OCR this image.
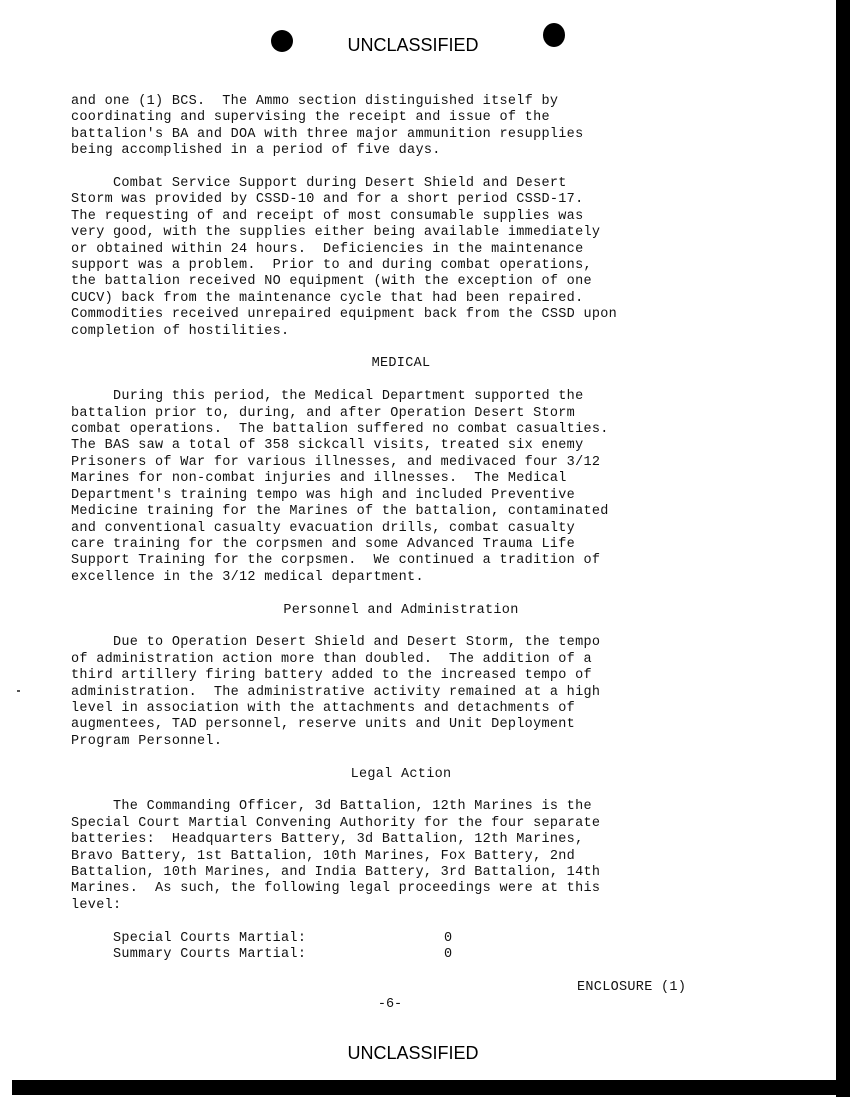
UNCLASSIFIED

and one (1) BCS.  The Ammo section distinguished itself by

coordinating and supervising the receipt and issue of the

battalion's BA and DOA with three major ammunition resupplies

being accomplished in a period of five days.

Combat Service Support during Desert Shield and Desert

Storm was provided by CSSD-10 and for a short period CSSD-17.

The requesting of and receipt of most consumable supplies was

very good, with the supplies either being available immediately

or obtained within 24 hours.  Deficiencies in the maintenance

support was a problem.  Prior to and during combat operations,

the battalion received NO equipment (with the exception of one

CUCV) back from the maintenance cycle that had been repaired.

Commodities received unrepaired equipment back from the CSSD upon

completion of hostilities.

MEDICAL

During this period, the Medical Department supported the

battalion prior to, during, and after Operation Desert Storm

combat operations.  The battalion suffered no combat casualties.

The BAS saw a total of 358 sickcall visits, treated six enemy

Prisoners of War for various illnesses, and medivaced four 3/12

Marines for non-combat injuries and illnesses.  The Medical

Department's training tempo was high and included Preventive

Medicine training for the Marines of the battalion, contaminated

and conventional casualty evacuation drills, combat casualty

care training for the corpsmen and some Advanced Trauma Life

Support Training for the corpsmen.  We continued a tradition of

excellence in the 3/12 medical department.

Personnel and Administration

Due to Operation Desert Shield and Desert Storm, the tempo

of administration action more than doubled.  The addition of a

third artillery firing battery added to the increased tempo of

administration.  The administrative activity remained at a high

level in association with the attachments and detachments of

augmentees, TAD personnel, reserve units and Unit Deployment

Program Personnel.

Legal Action

The Commanding Officer, 3d Battalion, 12th Marines is the

Special Court Martial Convening Authority for the four separate

batteries:  Headquarters Battery, 3d Battalion, 12th Marines,

Bravo Battery, 1st Battalion, 10th Marines, Fox Battery, 2nd

Battalion, 10th Marines, and India Battery, 3rd Battalion, 14th

Marines.  As such, the following legal proceedings were at this

level:

Special Courts Martial:	0
Summary Courts Martial:	0
ENCLOSURE (1)
-6-
UNCLASSIFIED
